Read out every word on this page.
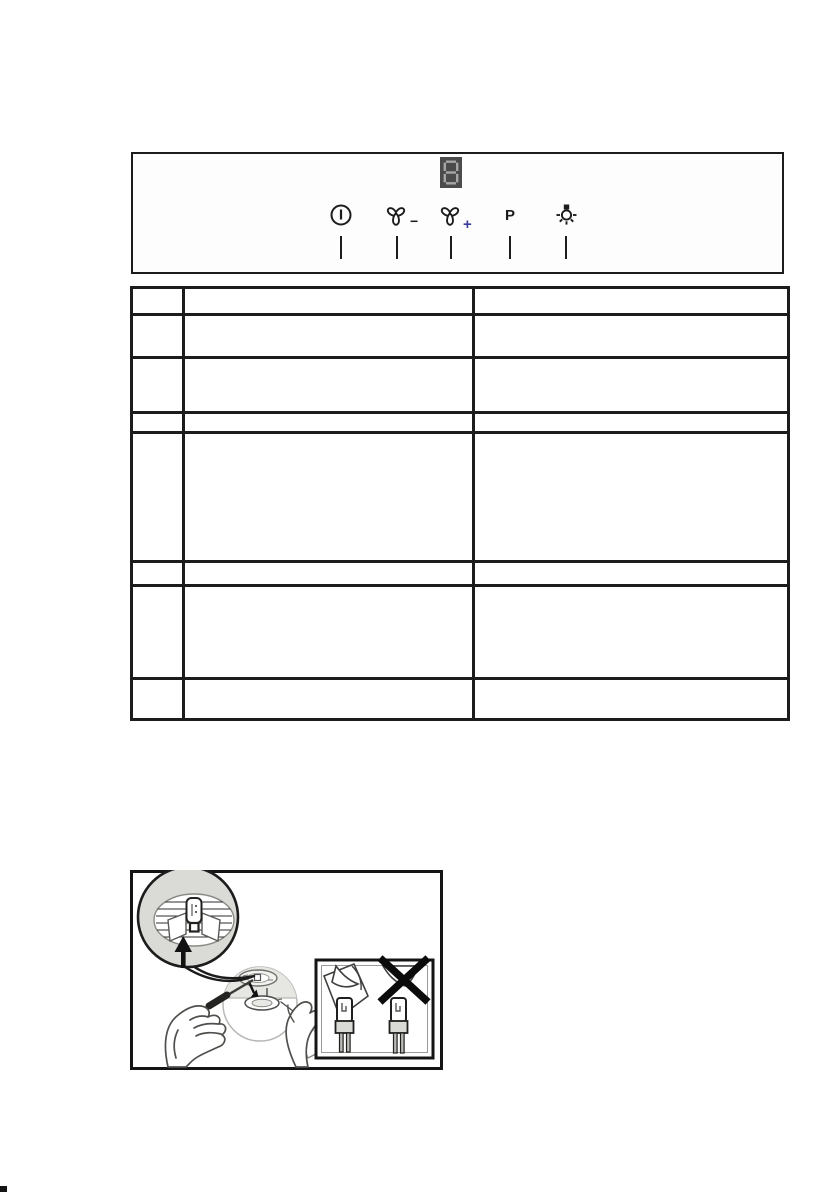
−	+
P
